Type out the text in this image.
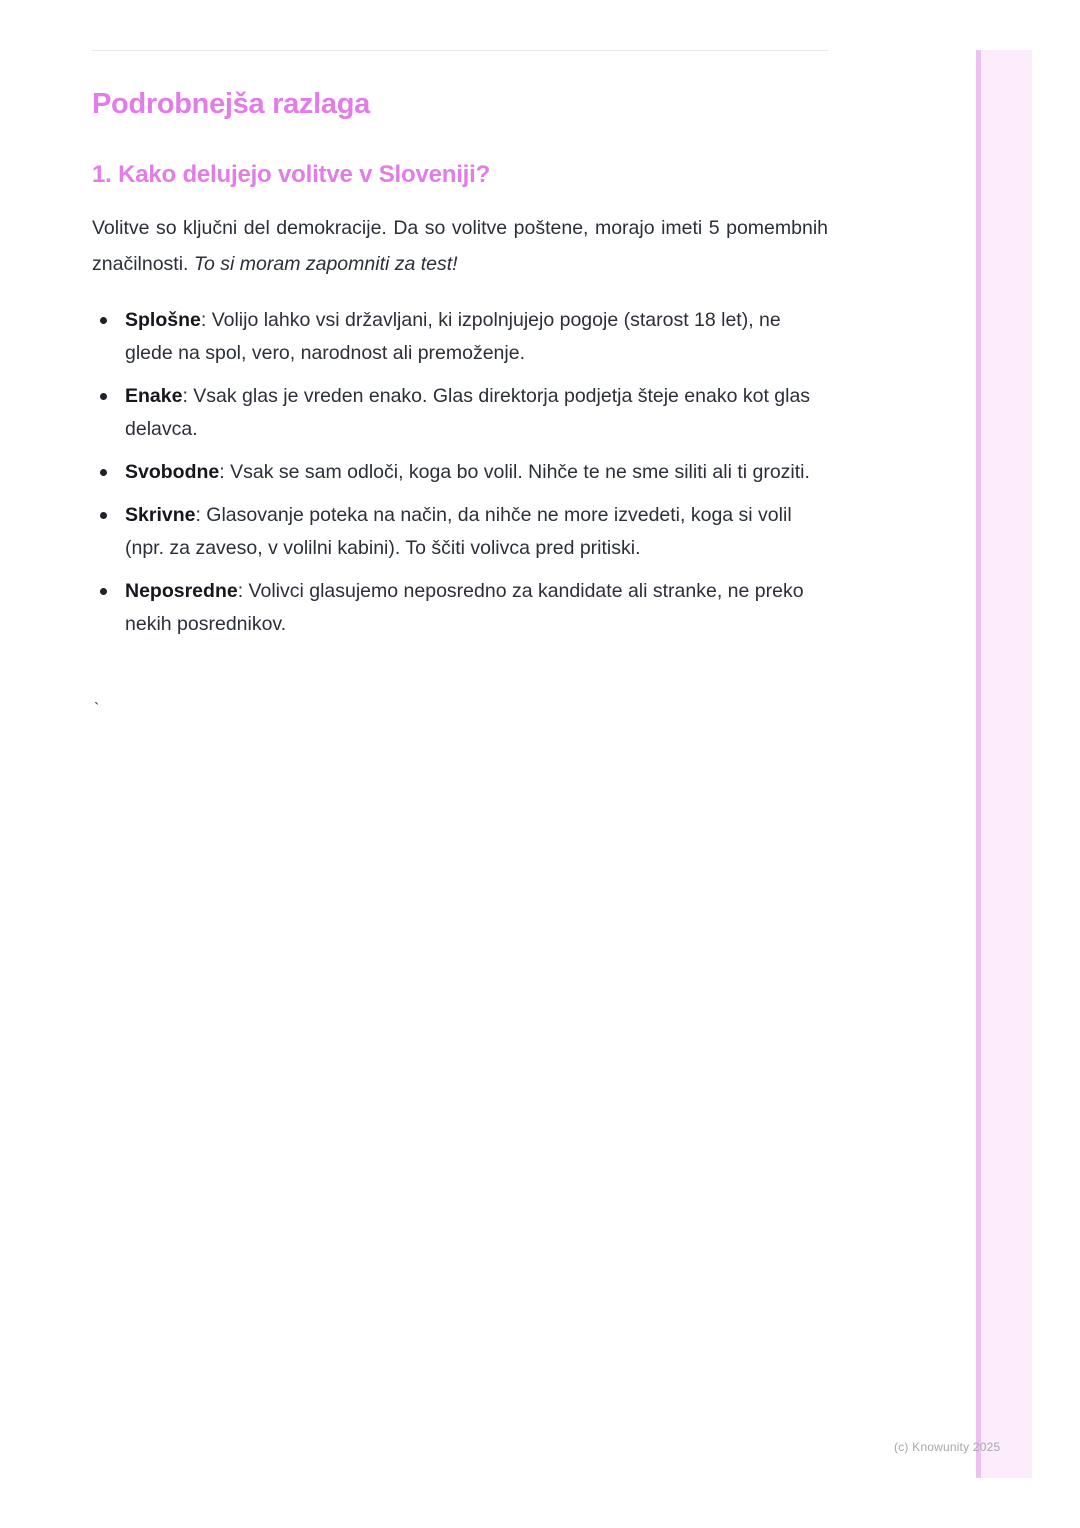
Podrobnejša razlaga
1. Kako delujejo volitve v Sloveniji?

Volitve so ključni del demokracije. Da so volitve poštene, morajo imeti 5 pomembnih značilnosti. To si moram zapomniti za test!

Splošne: Volijo lahko vsi državljani, ki izpolnjujejo pogoje (starost 18 let), ne glede na spol, vero, narodnost ali premoženje.
Enake: Vsak glas je vreden enako. Glas direktorja podjetja šteje enako kot glas delavca.
Svobodne: Vsak se sam odloči, koga bo volil. Nihče te ne sme siliti ali ti groziti.
Skrivne: Glasovanje poteka na način, da nihče ne more izvedeti, koga si volil (npr. za zaveso, v volilni kabini). To ščiti volivca pred pritiski.
Neposredne: Volivci glasujemo neposredno za kandidate ali stranke, ne preko nekih posrednikov.
`
(c) Knowunity 2025
